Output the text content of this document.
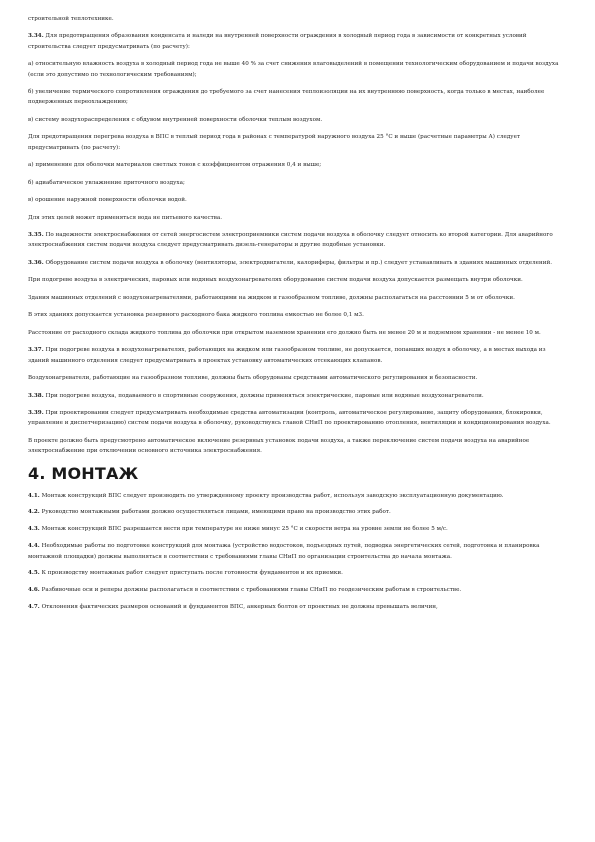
строительной теплотехнике.

3.34. Для предотвращения образования конденсата и наледи на внутренней поверхности ограждения в холодный период года в зависимости от конкретных условий строительства следует предусматривать (по расчету):

а) относительную влажность воздуха в холодный период года не выше 40 % за счет снижения влаговыделений в помещении технологическим оборудованием и подачи воздуха (если это допустимо по технологическим требованиям);

б) увеличение термического сопротивления ограждения до требуемого за счет нанесения теплоизоляции на их внутреннюю поверхность, когда только в местах, наиболее подверженных переохлаждению;

в) систему воздухораспределения с обдувом внутренней поверхности оболочки теплым воздухом.

Для предотвращения перегрева воздуха в ВПС в теплый период года в районах с температурой наружного воздуха 25 °С и выше (расчетные параметры А) следует предусматривать (по расчету):

а) применение для оболочки материалов светлых тонов с коэффициентом отражения 0,4 и выше;

б) адиабатическое увлажнение приточного воздуха;

в) орошение наружной поверхности оболочки водой.

Для этих целей может применяться вода не питьевого качества.

3.35. По надежности электроснабжения от сетей энергосистем электроприемники систем подачи воздуха в оболочку следует относить ко второй категории. Для аварийного электроснабжения систем подачи воздуха следует предусматривать дизель-генераторы и другие подобные установки.

3.36. Оборудование систем подачи воздуха в оболочку (вентиляторы, электродвигатели, калориферы, фильтры и пр.) следует устанавливать в зданиях машинных отделений.

При подогреве воздуха в электрических, паровых или водяных воздухонагревателях оборудование систем подачи воздуха допускается размещать внутри оболочки.

Здания машинных отделений с воздухонагревателями, работающими на жидком и газообразном топливе, должны располагаться на расстоянии 5 м от оболочки.

В этих зданиях допускается установка резервного расходного бака жидкого топлива емкостью не более 0,1 м3.

Расстояние от расходного склада жидкого топлива до оболочки при открытом наземном хранении его должно быть не менее 20 м и подземном хранении - не менее 10 м.

3.37. При подогреве воздуха в воздухонагревателях, работающих на жидком или газообразном топливе, не допускается, попавших воздух в оболочку, а в местах выхода из зданий машинного отделения следует предусматривать в проектах установку автоматических отсекающих клапанов.

Воздухонагреватели, работающие на газообразном топливе, должны быть оборудованы средствами автоматического регулирования и безопасности.

3.38. При подогреве воздуха, подаваемого в спортивные сооружения, должны применяться электрические, паровые или водяные воздухонагреватели.

3.39. При проектировании следует предусматривать необходимые средства автоматизации (контроль, автоматическое регулирование, защиту оборудования, блокировки, управление и диспетчеризацию) систем подачи воздуха в оболочку, руководствуясь главой СНиП по проектированию отопления, вентиляции и кондиционирования воздуха.

В проекте должно быть предусмотрено автоматическое включение резервных установок подачи воздуха, а также переключение систем подачи воздуха на аварийное электроснабжение при отключении основного источника электроснабжения.

4. МОНТАЖ

4.1. Монтаж конструкций ВПС следует производить по утвержденному проекту производства работ, используя заводскую эксплуатационную документацию.

4.2. Руководство монтажными работами должно осуществляться лицами, имеющими право на производство этих работ.

4.3. Монтаж конструкций ВПС разрешается вести при температуре не ниже минус 25 °С и скорости ветра на уровне земли не более 5 м/с.

4.4. Необходимые работы по подготовке конструкций для монтажа (устройство водостоков, подъездных путей, подводка энергетических сетей, подготовка и планировка монтажной площадки) должны выполняться в соответствии с требованиями главы СНиП по организации строительства до начала монтажа.

4.5. К производству монтажных работ следует приступать после готовности фундаментов и их приемки.

4.6. Разбивочные оси и реперы должны располагаться в соответствии с требованиями главы СНиП по геодезическим работам в строительстве.

4.7. Отклонения фактических размеров оснований и фундаментов ВПС, анкерных болтов от проектных не должны превышать величин,
